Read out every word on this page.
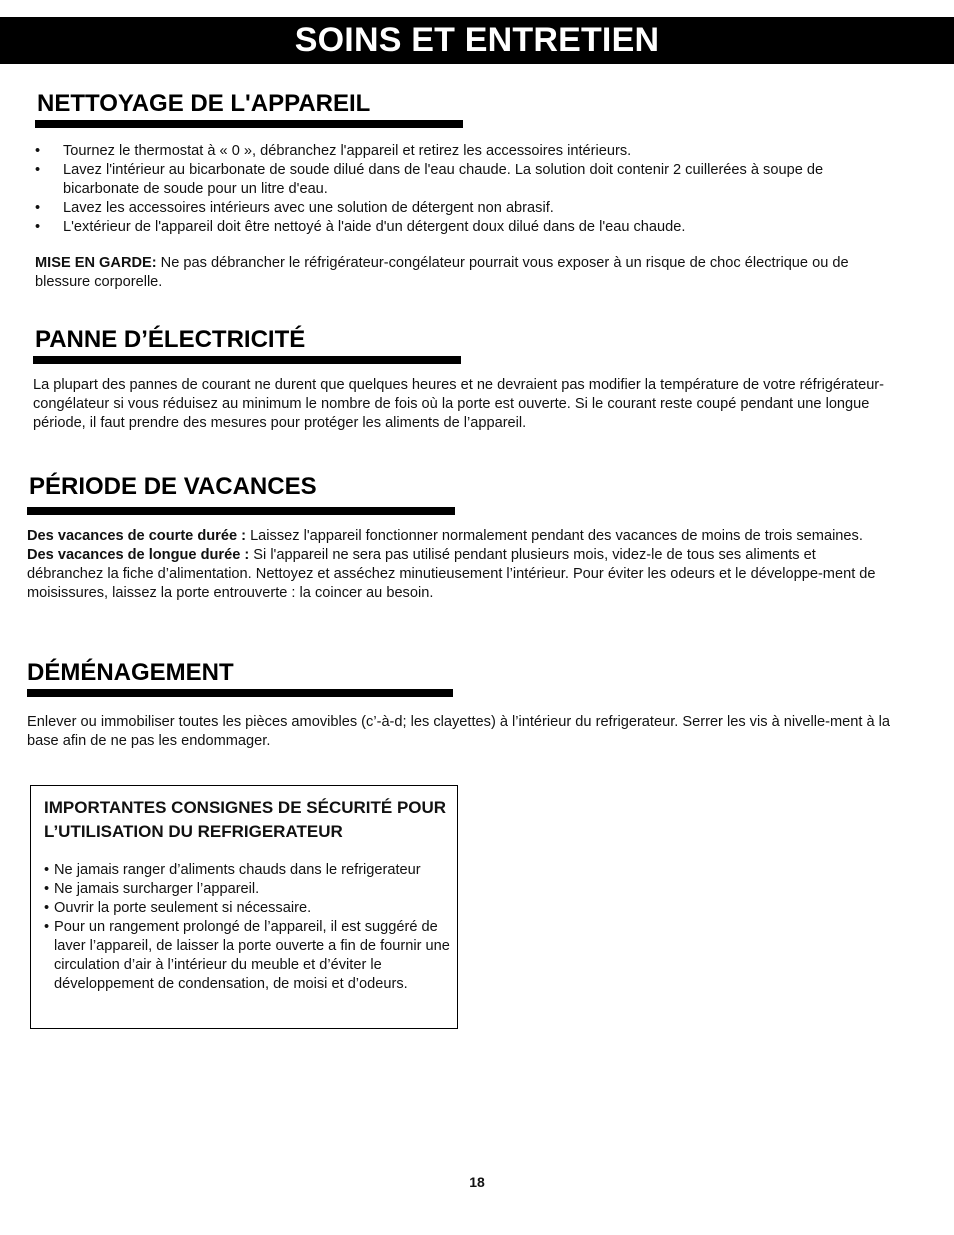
SOINS ET ENTRETIEN
NETTOYAGE DE L'APPAREIL
• Tournez le thermostat à « 0 », débranchez l'appareil et retirez les accessoires intérieurs.
• Lavez l'intérieur au bicarbonate de soude dilué dans de l'eau chaude. La solution doit contenir 2 cuillerées à soupe de bicarbonate de soude pour un litre d'eau.
• Lavez les accessoires intérieurs avec une solution de détergent non abrasif.
• L'extérieur de l'appareil doit être nettoyé à l'aide d'un détergent doux dilué dans de l'eau chaude.

MISE EN GARDE: Ne pas débrancher le réfrigérateur-congélateur pourrait vous exposer à un risque de choc électrique ou de blessure corporelle.

PANNE D’ÉLECTRICITÉ

La plupart des pannes de courant ne durent que quelques heures et ne devraient pas modifier la température de votre réfrigérateur-congélateur si vous réduisez au minimum le nombre de fois où la porte est ouverte. Si le courant reste coupé pendant une longue période, il faut prendre des mesures pour protéger les aliments de l’appareil.

PÉRIODE DE VACANCES

Des vacances de courte durée : Laissez l'appareil fonctionner normalement pendant des vacances de moins de trois semaines.

Des vacances de longue durée : Si l'appareil ne sera pas utilisé pendant plusieurs mois, videz-le de tous ses aliments et débranchez la fiche d’alimentation. Nettoyez et asséchez minutieusement l’intérieur. Pour éviter les odeurs et le développe-ment de moisissures, laissez la porte entrouverte : la coincer au besoin.

DÉMÉNAGEMENT

Enlever ou immobiliser toutes les pièces amovibles (c’-à-d; les clayettes) à l’intérieur du refrigerateur. Serrer les vis à nivelle-ment à la base afin de ne pas les endommager.

IMPORTANTES CONSIGNES DE SÉCURITÉ POUR L’UTILISATION DU REFRIGERATEUR

• Ne jamais ranger d’aliments chauds dans le refrigerateur
• Ne jamais surcharger l’appareil.
• Ouvrir la porte seulement si nécessaire.
• Pour un rangement prolongé de l’appareil, il est suggéré de laver l’appareil, de laisser la porte ouverte a fin de fournir une circulation d’air à l’intérieur du meuble et d’éviter le développement de condensation, de moisi et d’odeurs.
18
